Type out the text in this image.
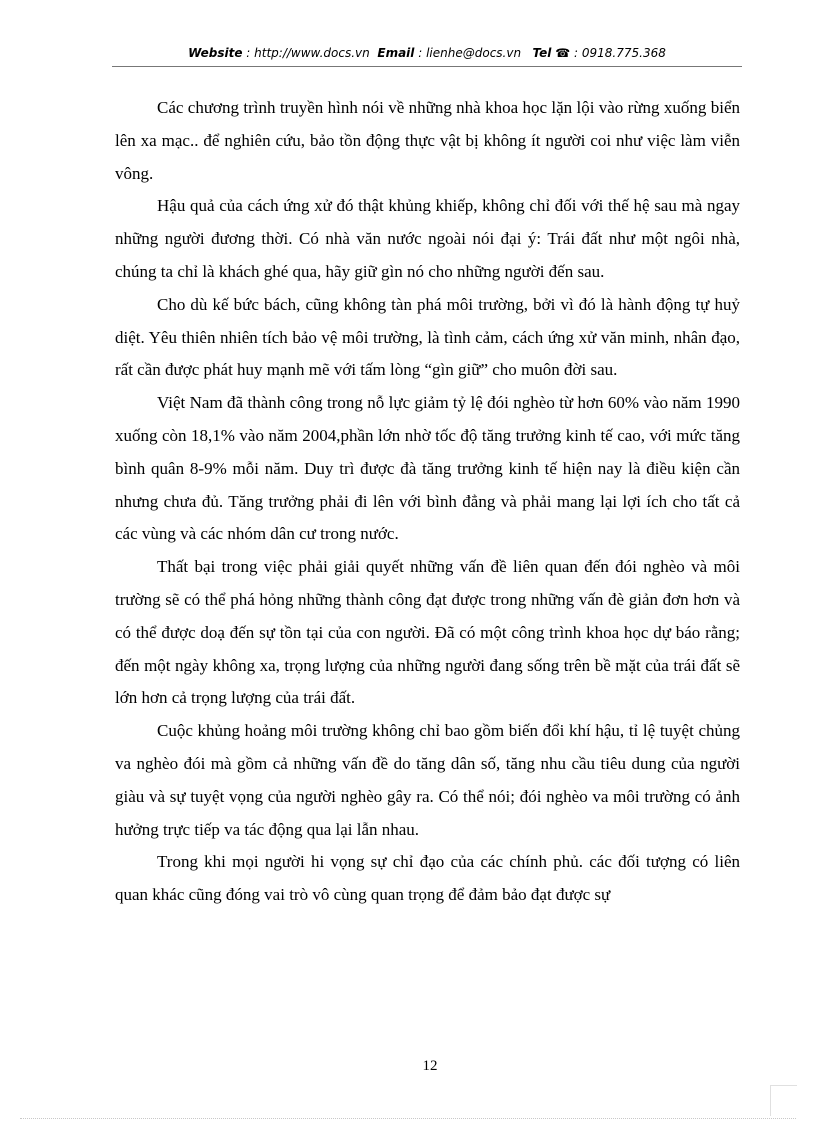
Website : http://www.docs.vn Email : lienhe@docs.vn Tel ☎ : 0918.775.368

Các chương trình truyền hình nói về những nhà khoa học lặn lội vào rừng xuống biển lên xa mạc.. để nghiên cứu, bảo tồn động thực vật bị không ít người coi như việc làm viễn vông.

Hậu quả của cách ứng xử đó thật khủng khiếp, không chỉ đối với thế hệ sau mà ngay những người đương thời. Có nhà văn nước ngoài nói đại ý: Trái đất như một ngôi nhà, chúng ta chỉ là khách ghé qua, hãy giữ gìn nó cho những người đến sau.

Cho dù kế bức bách, cũng không tàn phá môi trường, bởi vì đó là hành động tự huỷ diệt. Yêu thiên nhiên tích bảo vệ môi trường, là tình cảm, cách ứng xử văn minh, nhân đạo, rất cần được phát huy mạnh mẽ với tấm lòng “gìn giữ” cho muôn đời sau.

Việt Nam đã thành công trong nỗ lực giảm tỷ lệ đói nghèo từ hơn 60% vào năm 1990 xuống còn 18,1% vào năm 2004,phần lớn nhờ tốc độ tăng trưởng kinh tế cao, với mức tăng bình quân 8-9% mỗi năm. Duy trì được đà tăng trưởng kinh tế hiện nay là điều kiện cần nhưng chưa đủ. Tăng trưởng phải đi lên với bình đẳng và phải mang lại lợi ích cho tất cả các vùng và các nhóm dân cư trong nước.

Thất bại trong việc phải giải quyết những vấn đề liên quan đến đói nghèo và môi trường sẽ có thể phá hỏng những thành công đạt được trong những vấn đè giản đơn hơn và có thể được doạ đến sự tồn tại của con người. Đã có một công trình khoa học dự báo rằng; đến một ngày không xa, trọng lượng của những người đang sống trên bề mặt của trái đất sẽ lớn hơn cả trọng lượng của trái đất.

Cuộc khủng hoảng môi trường không chỉ bao gồm biến đổi khí hậu, tỉ lệ tuyệt chủng va nghèo đói mà gồm cả những vấn đề do tăng dân số, tăng nhu cầu tiêu dung của người giàu và sự tuyệt vọng của người nghèo gây ra. Có thể nói; đói nghèo va môi trường có ảnh hưởng trực tiếp va tác động qua lại lẫn nhau.

Trong khi mọi người hi vọng sự chỉ đạo của các chính phủ. các đối tượng có liên quan khác cũng đóng vai trò vô cùng quan trọng để đảm bảo đạt được sự

12
